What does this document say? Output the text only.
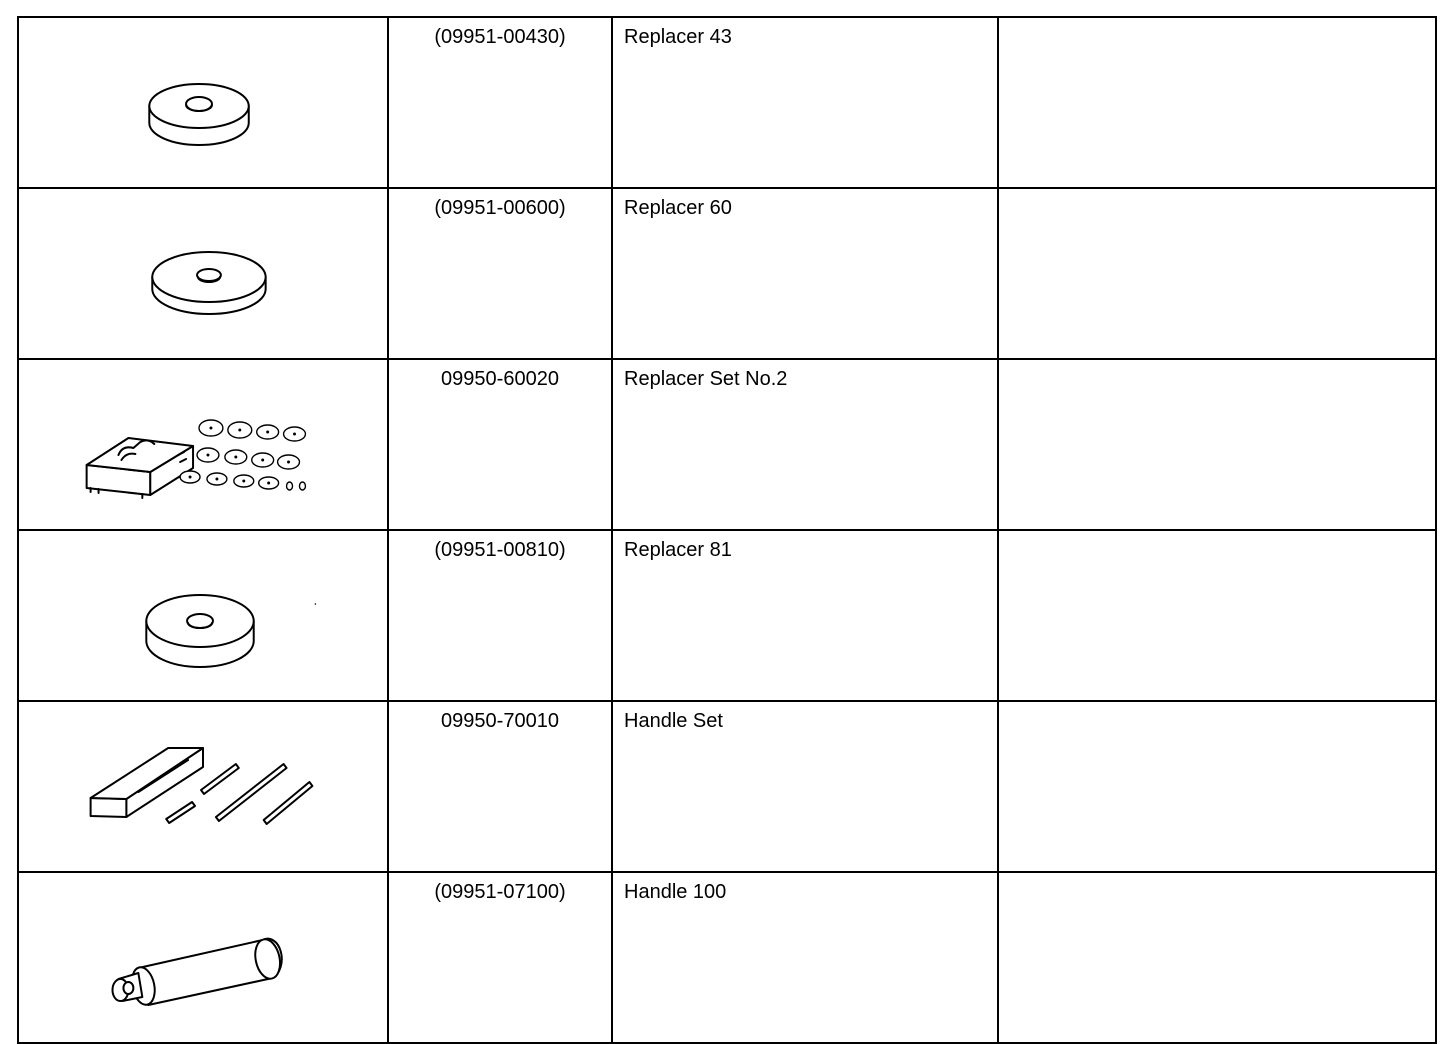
	(09951-00430)	Replacer 43	

	(09951-00600)	Replacer 60	

	09950-60020	Replacer Set No.2	

	(09951-00810)	Replacer 81	

	09950-70010	Handle Set	

	(09951-07100)	Handle 100	
